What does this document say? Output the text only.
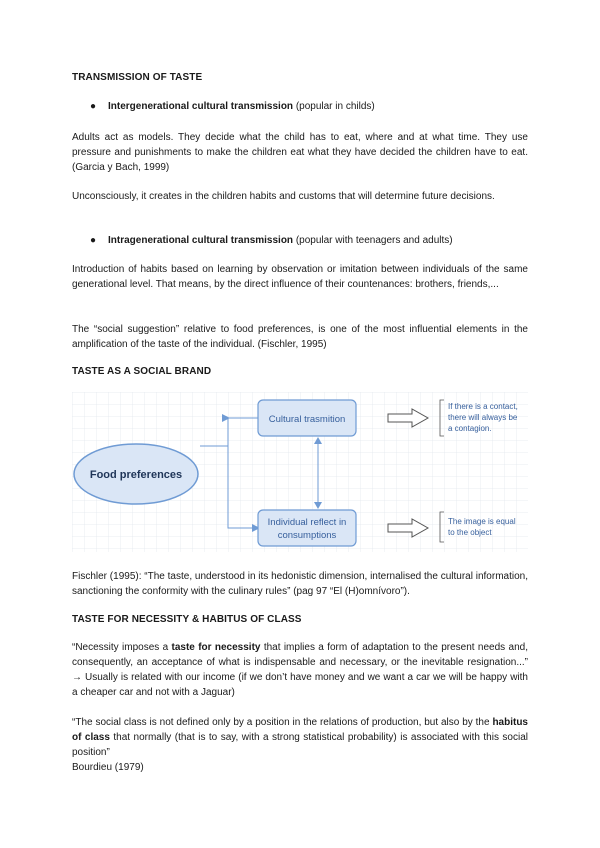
TRANSMISSION OF TASTE
● Intergenerational cultural transmission (popular in childs)

Adults act as models. They decide what the child has to eat, where and at what time. They use pressure and punishments to make the children eat what they have decided the children have to eat. (Garcia y Bach, 1999)

Unconsciously, it creates in the children habits and customs that will determine future decisions.

● Intragenerational cultural transmission (popular with teenagers and adults)

Introduction of habits based on learning by observation or imitation between individuals of the same generational level. That means, by the direct influence of their countenances: brothers, friends,...

The “social suggestion” relative to food preferences, is one of the most influential elements in the amplification of the taste of the individual. (Fischler, 1995)

TASTE AS A SOCIAL BRAND
Food preferences
Cultural trasmition
Individual reflect in
consumptions
If there is a contact,
there will always be
a contagion.
The image is equal
to the object

Fischler (1995): “The taste, understood in its hedonistic dimension, internalised the cultural information, sanctioning the conformity with the culinary rules” (pag 97 “El (H)omnívoro”).

TASTE FOR NECESSITY & HABITUS OF CLASS

“Necessity imposes a taste for necessity that implies a form of adaptation to the present needs and, consequently, an acceptance of what is indispensable and necessary, or the inevitable resignation...” → Usually is related with our income (if we don’t have money and we want a car we will be happy with a cheaper car and not with a Jaguar)

“The social class is not defined only by a position in the relations of production, but also by the habitus of class that normally (that is to say, with a strong statistical probability) is associated with this social position”

Bourdieu (1979)
